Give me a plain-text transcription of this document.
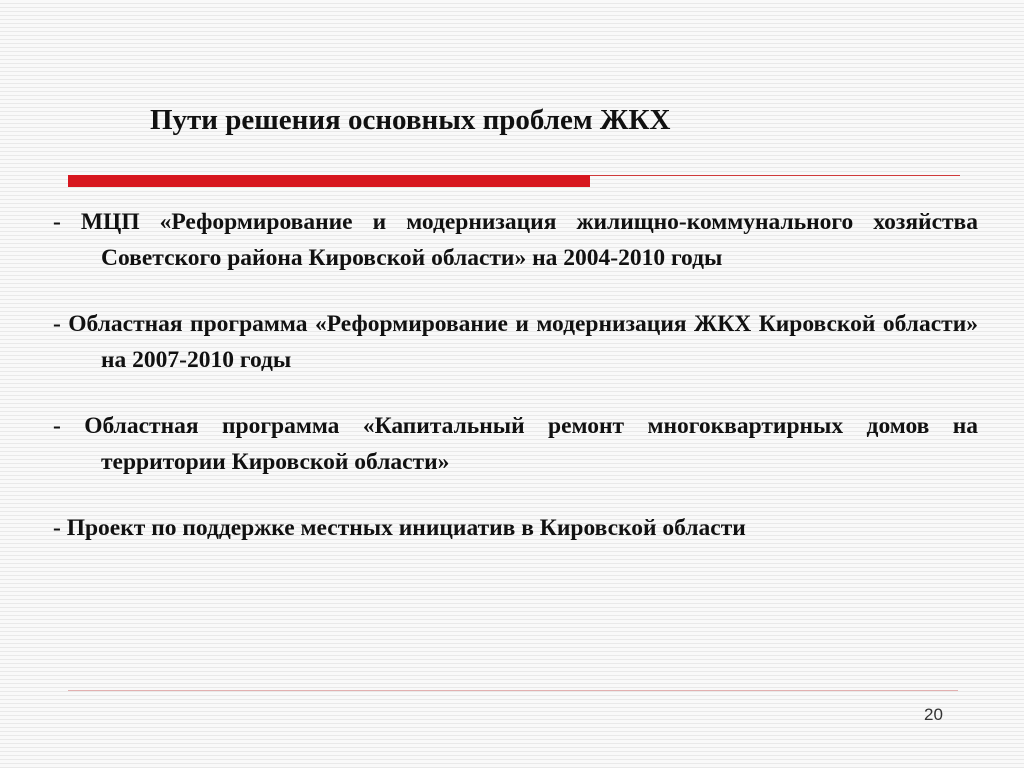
Пути решения основных проблем ЖКХ

- МЦП «Реформирование и модернизация жилищно-коммунального хозяйства Советского района Кировской области» на 2004-2010 годы

- Областная программа «Реформирование и модернизация ЖКХ Кировской области» на 2007-2010 годы

- Областная программа «Капитальный ремонт многоквартирных домов на территории Кировской области»

- Проект по поддержке местных инициатив в Кировской области

20
